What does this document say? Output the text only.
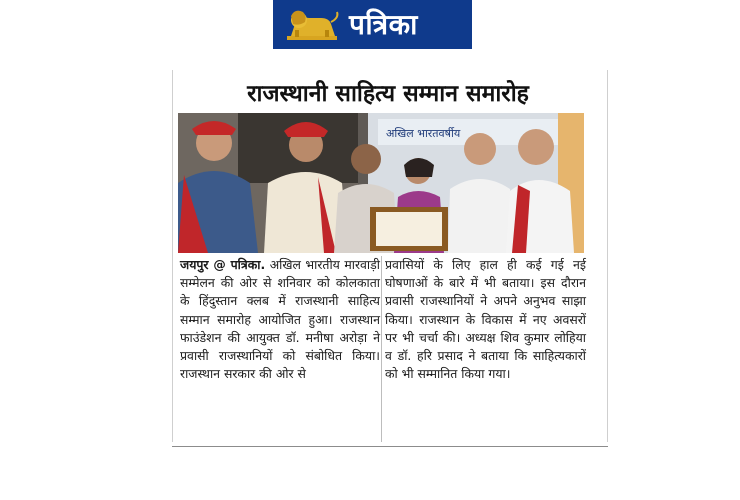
पत्रिका
राजस्थानी साहित्य सम्मान समारोह
अखिल भारतवर्षीय
जयपुर @ पत्रिका. अखिल भारतीय मारवाड़ी सम्मेलन की ओर से शनिवार को कोलकाता के हिंदुस्तान क्लब में राजस्थानी साहित्य सम्मान समारोह आयोजित हुआ। राजस्थान फाउंडेशन की आयुक्त डॉ. मनीषा अरोड़ा ने प्रवासी राजस्थानियों को संबोधित किया। राजस्थान सरकार की ओर से
प्रवासियों के लिए हाल ही कई गई नई घोषणाओं के बारे में भी बताया। इस दौरान प्रवासी राजस्थानियों ने अपने अनुभव साझा किया। राजस्थान के विकास में नए अवसरों पर भी चर्चा की। अध्यक्ष शिव कुमार लोहिया व डॉ. हरि प्रसाद ने बताया कि साहित्यकारों को भी सम्मानित किया गया।
